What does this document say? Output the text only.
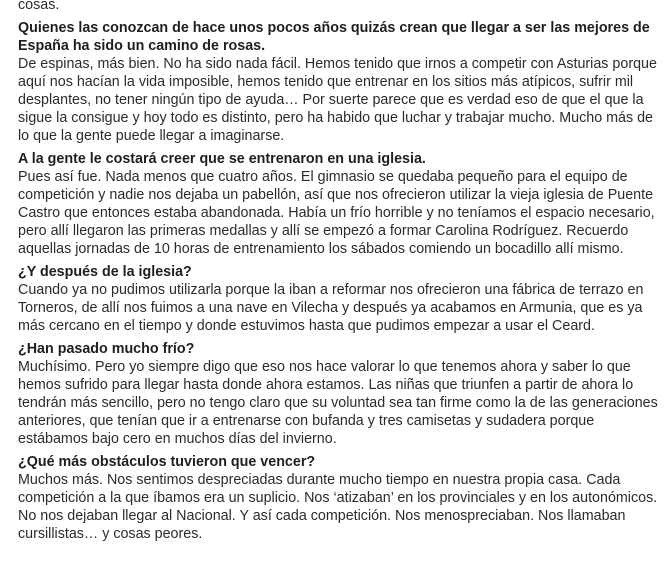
cosas.

Quienes las conozcan de hace unos pocos años quizás crean que llegar a ser las mejores de España ha sido un camino de rosas.

De espinas, más bien. No ha sido nada fácil. Hemos tenido que irnos a competir con Asturias porque aquí nos hacían la vida imposible, hemos tenido que entrenar en los sitios más atípicos, sufrir mil desplantes, no tener ningún tipo de ayuda… Por suerte parece que es verdad eso de que el que la sigue la consigue y hoy todo es distinto, pero ha habido que luchar y trabajar mucho. Mucho más de lo que la gente puede llegar a imaginarse.

A la gente le costará creer que se entrenaron en una iglesia.

Pues así fue. Nada menos que cuatro años. El gimnasio se quedaba pequeño para el equipo de competición y nadie nos dejaba un pabellón, así que nos ofrecieron utilizar la vieja iglesia de Puente Castro que entonces estaba abandonada. Había un frío horrible y no teníamos el espacio necesario, pero allí llegaron las primeras medallas y allí se empezó a formar Carolina Rodríguez. Recuerdo aquellas jornadas de 10 horas de entrenamiento los sábados comiendo un bocadillo allí mismo.

¿Y después de la iglesia?

Cuando ya no pudimos utilizarla porque la iban a reformar nos ofrecieron una fábrica de terrazo en Torneros, de allí nos fuimos a una nave en Vilecha y después ya acabamos en Armunia, que es ya más cercano en el tiempo y donde estuvimos hasta que pudimos empezar a usar el Ceard.

¿Han pasado mucho frío?

Muchísimo. Pero yo siempre digo que eso nos hace valorar lo que tenemos ahora y saber lo que hemos sufrido para llegar hasta donde ahora estamos. Las niñas que triunfen a partir de ahora lo tendrán más sencillo, pero no tengo claro que su voluntad sea tan firme como la de las generaciones anteriores, que tenían que ir a entrenarse con bufanda y tres camisetas y sudadera porque estábamos bajo cero en muchos días del invierno.

¿Qué más obstáculos tuvieron que vencer?

Muchos más. Nos sentimos despreciadas durante mucho tiempo en nuestra propia casa. Cada competición a la que íbamos era un suplicio. Nos ‘atizaban’ en los provinciales y en los autonómicos. No nos dejaban llegar al Nacional. Y así cada competición. Nos menospreciaban. Nos llamaban cursillistas… y cosas peores.
